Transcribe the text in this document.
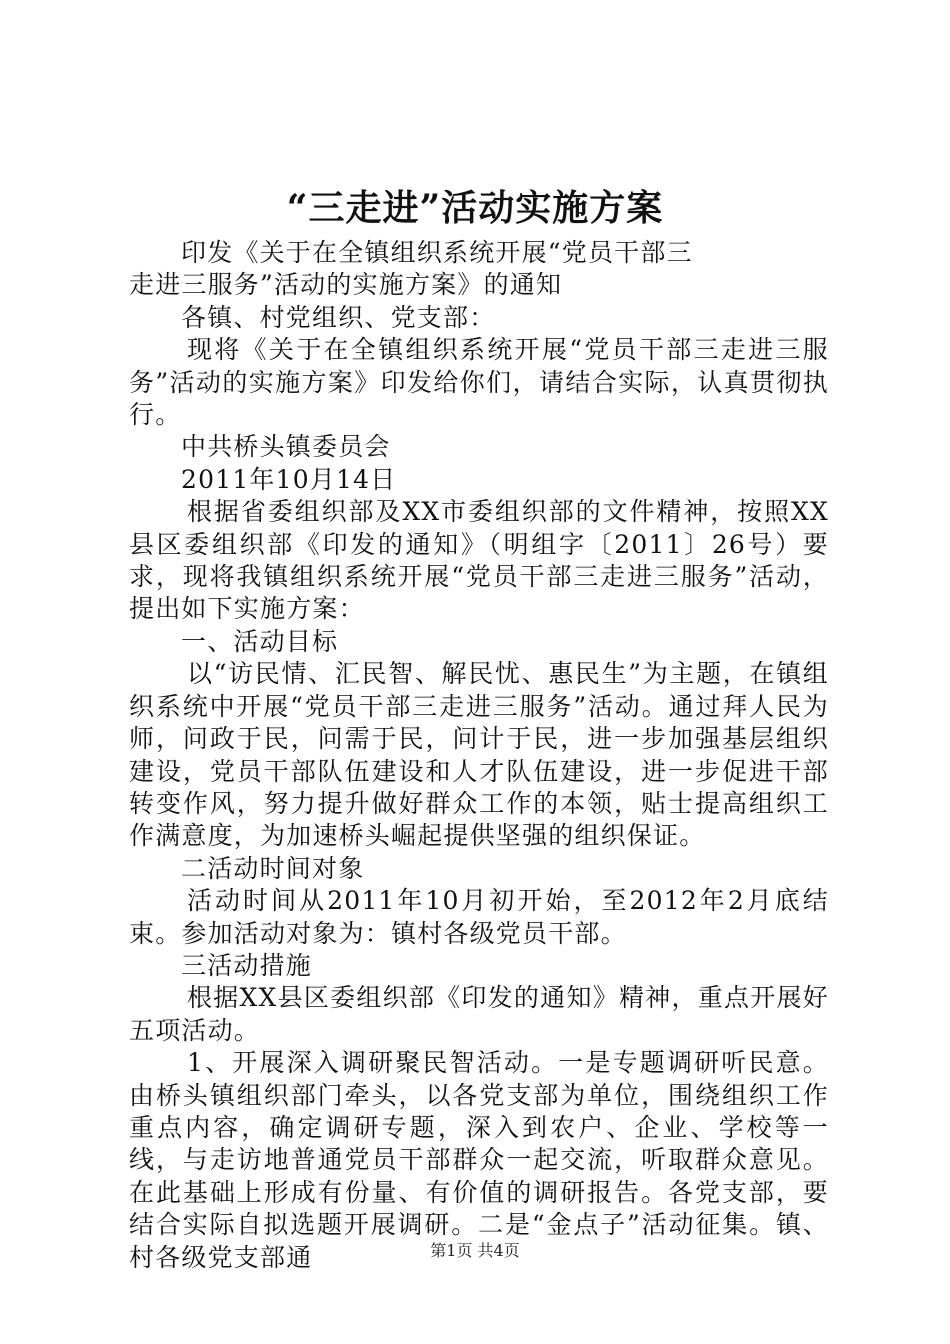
“三走进”活动实施方案

印发《关于在全镇组织系统开展“党员干部三

走进三服务”活动的实施方案》的通知

各镇、村党组织、党支部：

现将《关于在全镇组织系统开展“党员干部三走进三服务”活动的实施方案》印发给你们，请结合实际，认真贯彻执行。

中共桥头镇委员会

2011年10月14日

根据省委组织部及XX市委组织部的文件精神，按照XX县区委组织部《印发的通知》（明组字〔2011〕26号）要求，现将我镇组织系统开展“党员干部三走进三服务”活动，提出如下实施方案：

一、活动目标

以“访民情、汇民智、解民忧、惠民生”为主题，在镇组织系统中开展“党员干部三走进三服务”活动。通过拜人民为师，问政于民，问需于民，问计于民，进一步加强基层组织建设，党员干部队伍建设和人才队伍建设，进一步促进干部转变作风，努力提升做好群众工作的本领，贴士提高组织工作满意度，为加速桥头崛起提供坚强的组织保证。

二活动时间对象

活动时间从2011年10月初开始，至2012年2月底结束。参加活动对象为：镇村各级党员干部。

三活动措施

根据XX县区委组织部《印发的通知》精神，重点开展好五项活动。

1、开展深入调研聚民智活动。一是专题调研听民意。由桥头镇组织部门牵头，以各党支部为单位，围绕组织工作重点内容，确定调研专题，深入到农户、企业、学校等一线，与走访地普通党员干部群众一起交流，听取群众意见。在此基础上形成有份量、有价值的调研报告。各党支部，要结合实际自拟选题开展调研。二是“金点子”活动征集。镇、村各级党支部通	第1页 共4页
